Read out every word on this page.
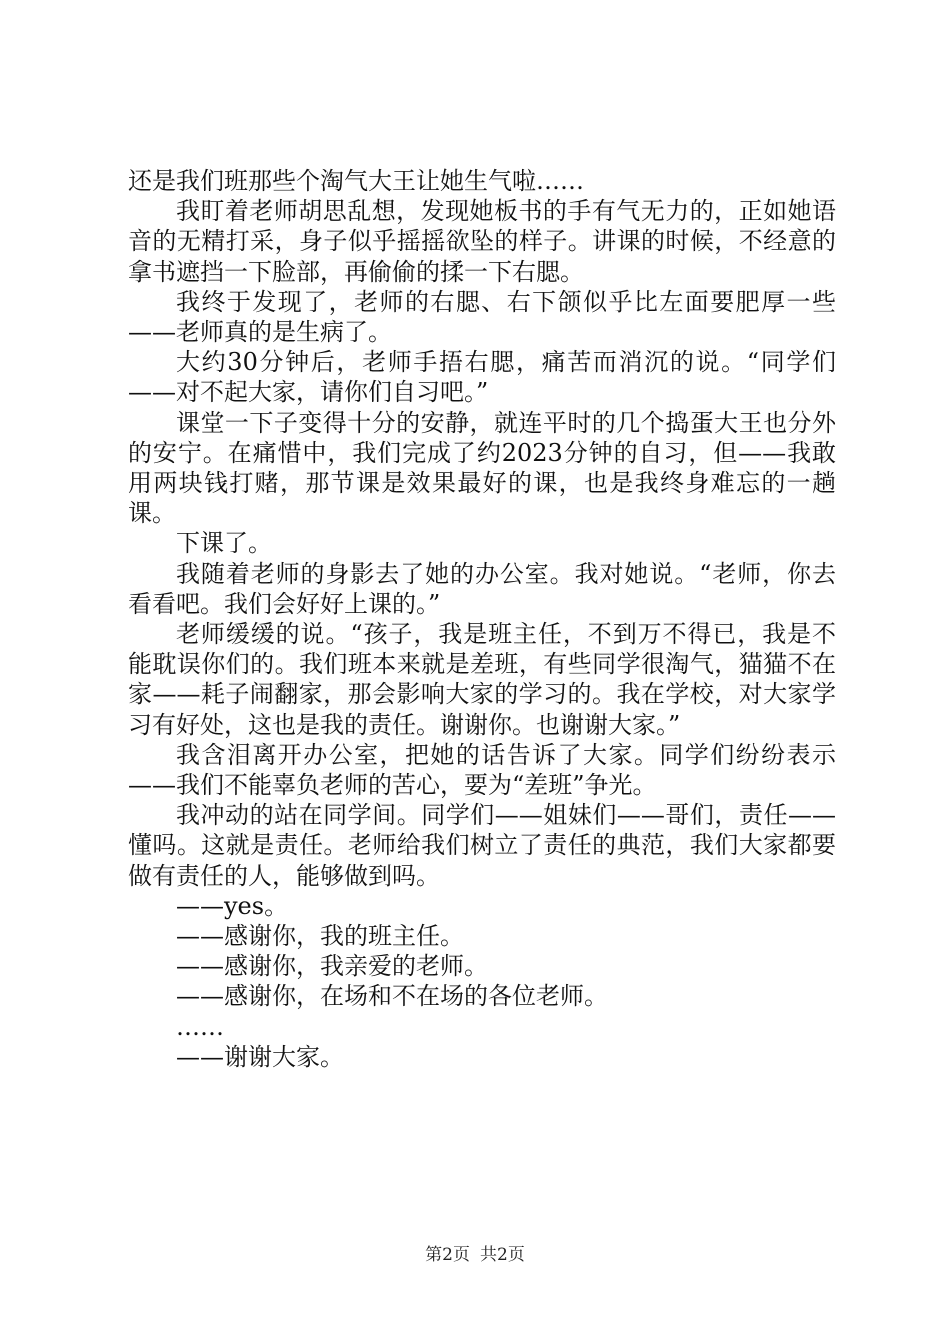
还是我们班那些个淘气大王让她生气啦……

我盯着老师胡思乱想，发现她板书的手有气无力的，正如她语音的无精打采，身子似乎摇摇欲坠的样子。讲课的时候，不经意的拿书遮挡一下脸部，再偷偷的揉一下右腮。

我终于发现了，老师的右腮、右下颌似乎比左面要肥厚一些——老师真的是生病了。

大约30分钟后，老师手捂右腮，痛苦而消沉的说。“同学们——对不起大家，请你们自习吧。”

课堂一下子变得十分的安静，就连平时的几个捣蛋大王也分外的安宁。在痛惜中，我们完成了约2023分钟的自习，但——我敢用两块钱打赌，那节课是效果最好的课，也是我终身难忘的一趟课。

下课了。

我随着老师的身影去了她的办公室。我对她说。“老师，你去看看吧。我们会好好上课的。”

老师缓缓的说。“孩子，我是班主任，不到万不得已，我是不能耽误你们的。我们班本来就是差班，有些同学很淘气，猫猫不在家——耗子闹翻家，那会影响大家的学习的。我在学校，对大家学习有好处，这也是我的责任。谢谢你。也谢谢大家。”

我含泪离开办公室，把她的话告诉了大家。同学们纷纷表示——我们不能辜负老师的苦心，要为“差班”争光。

我冲动的站在同学间。同学们——姐妹们——哥们，责任——懂吗。这就是责任。老师给我们树立了责任的典范，我们大家都要做有责任的人，能够做到吗。

——yes。

——感谢你，我的班主任。

——感谢你，我亲爱的老师。

——感谢你，在场和不在场的各位老师。

……

——谢谢大家。

第2页 共2页
